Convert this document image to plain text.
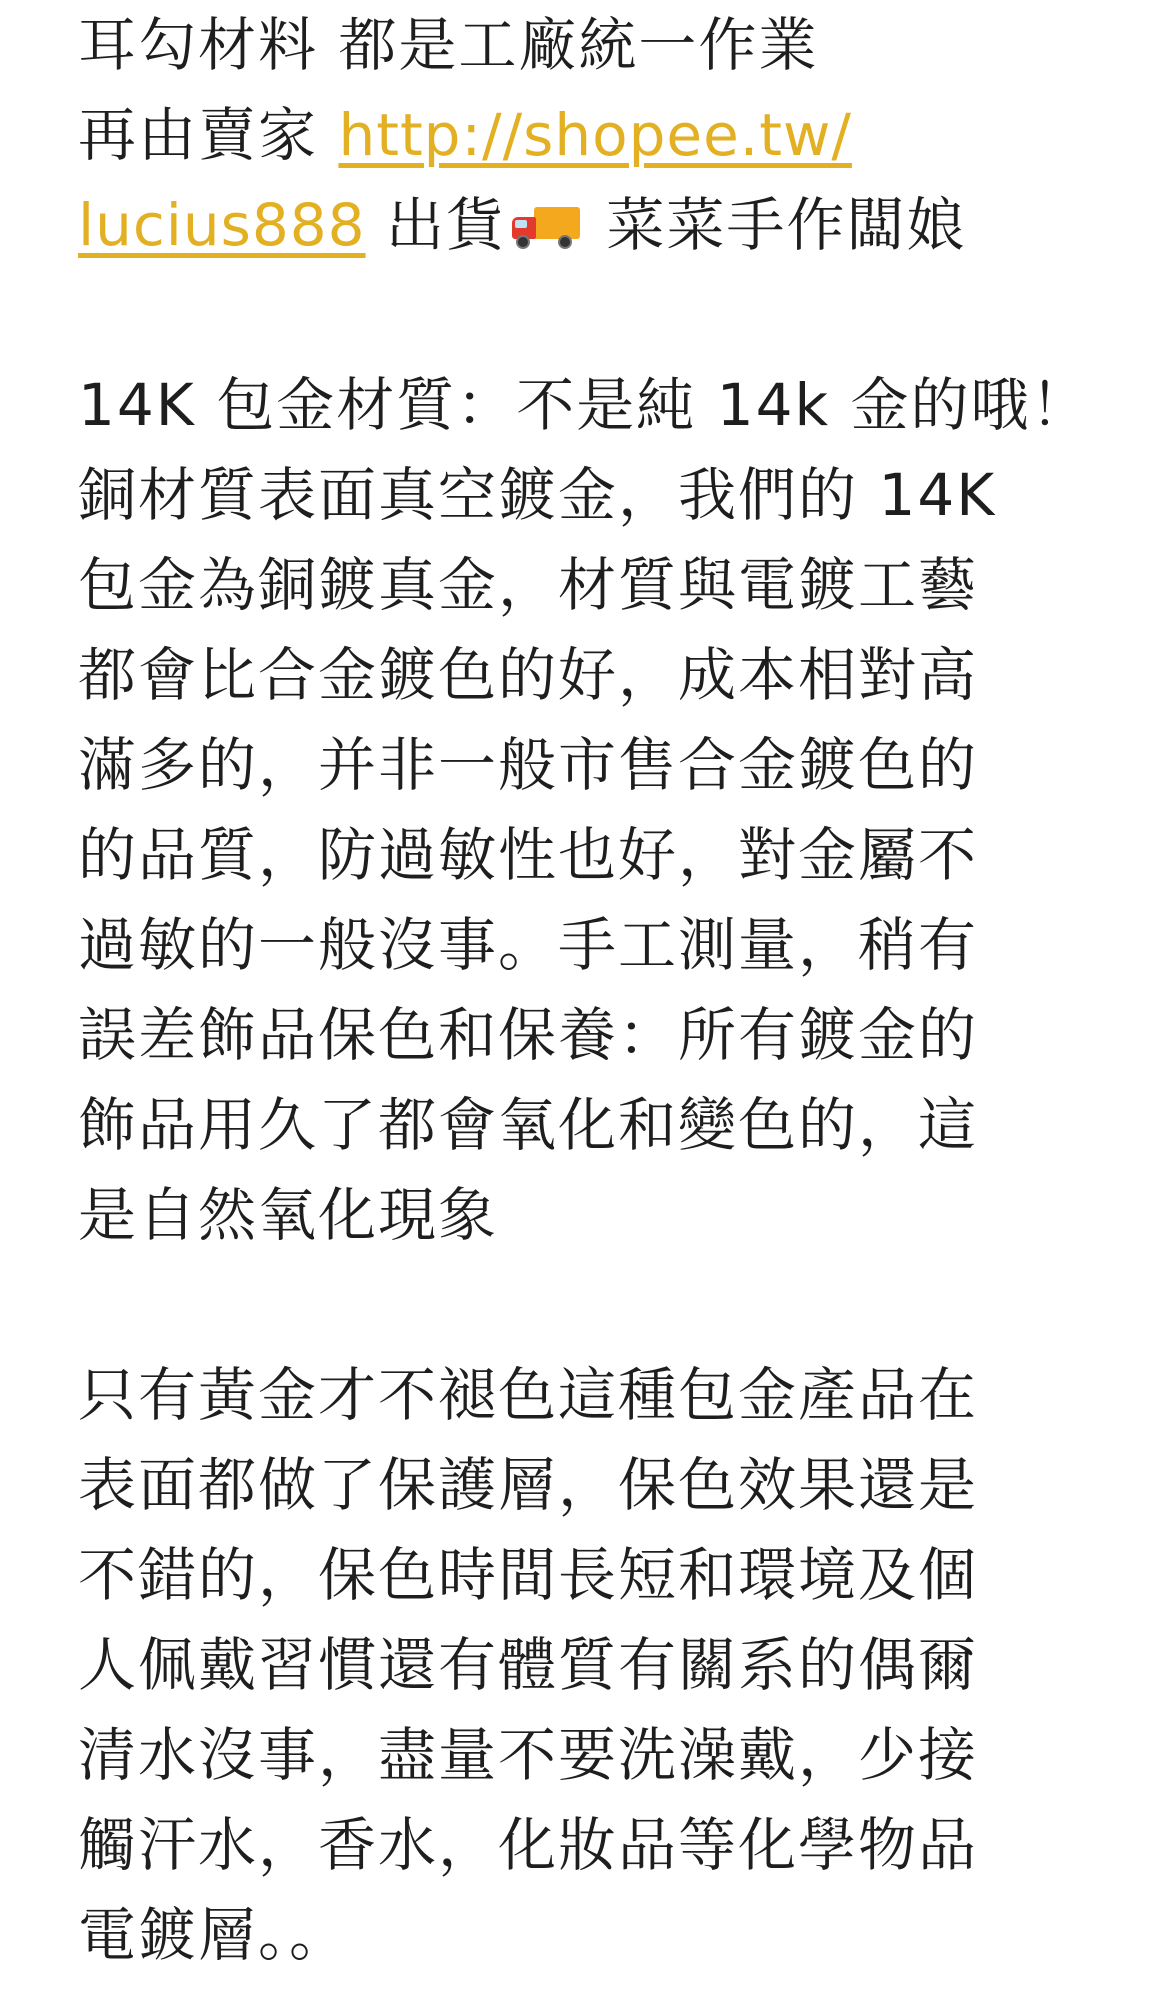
耳勾材料 都是工廠統一作業
再由賣家 http://shopee.tw/
lucius888 出貨
菜菜手作闆娘
14K 包金材質：不是純 14k 金的哦！
銅材質表面真空鍍金，我們的 14K
包金為銅鍍真金，材質與電鍍工藝
都會比合金鍍色的好，成本相對高
滿多的，并非一般市售合金鍍色的
的品質，防過敏性也好，對金屬不
過敏的一般沒事。手工測量，稍有
誤差飾品保色和保養：所有鍍金的
飾品用久了都會氧化和變色的，這
是自然氧化現象
只有黃金才不褪色這種包金產品在
表面都做了保護層，保色效果還是
不錯的，保色時間長短和環境及個
人佩戴習慣還有體質有關系的偶爾
清水沒事，盡量不要洗澡戴，少接
觸汗水，香水，化妝品等化學物品
電鍍層。。
